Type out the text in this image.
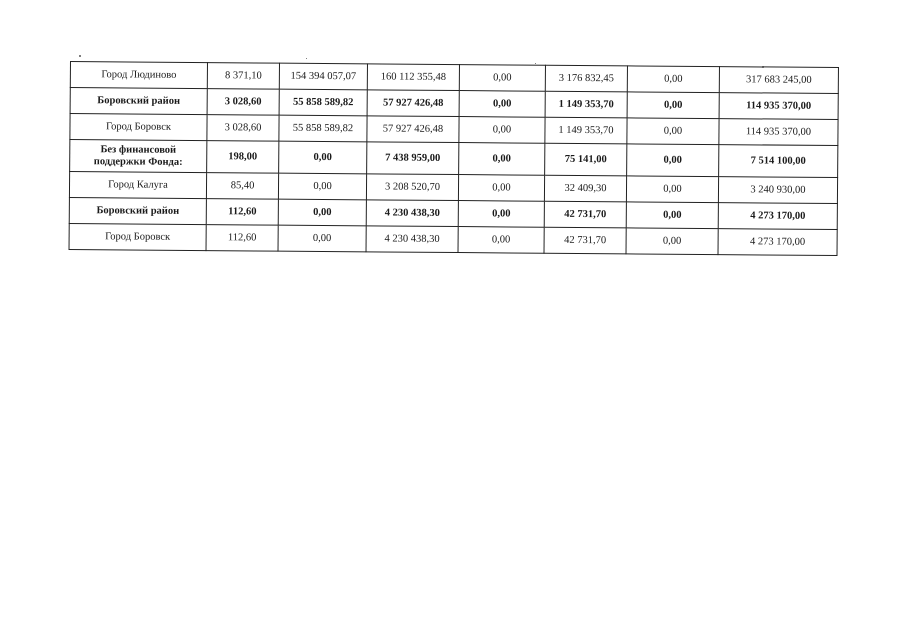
Город Людиново	8 371,10	154 394 057,07	160 112 355,48	0,00	3 176 832,45	0,00	317 683 245,00
Боровский район	3 028,60	55 858 589,82	57 927 426,48	0,00	1 149 353,70	0,00	114 935 370,00
Город Боровск	3 028,60	55 858 589,82	57 927 426,48	0,00	1 149 353,70	0,00	114 935 370,00
Без финансовой поддержки Фонда:	198,00	0,00	7 438 959,00	0,00	75 141,00	0,00	7 514 100,00
Город Калуга	85,40	0,00	3 208 520,70	0,00	32 409,30	0,00	3 240 930,00
Боровский район	112,60	0,00	4 230 438,30	0,00	42 731,70	0,00	4 273 170,00
Город Боровск	112,60	0,00	4 230 438,30	0,00	42 731,70	0,00	4 273 170,00
